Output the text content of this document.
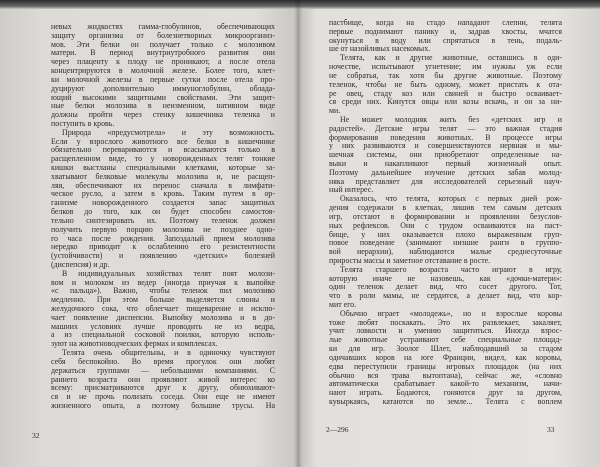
невых жидкостях гамма-глобулинов, обеспечивающих
защиту организма от болезнетворных микроорганиз-
мов. Эти белки он получает только с молозивом
матери. В период внутриутробного развития они
через плаценту к плоду не проникают, а после отела
концентрируются в молочной железе. Более того, клет-
ки молочной железы в первые сутки после отела про-
дуцируют дополнительно иммуноглобулин, облада-
ющий высокими защитными свойствами. Эти защит-
ные белки молозива в неизменном, нативном виде
должны пройти через стенку кишечника теленка и
поступить в кровь.
Природа «предусмотрела» и эту возможность.
Если у взрослого животного все белки в кишечнике
обязательно перевариваются и всасываются только в
расщепленном виде, то у новорожденных телят тонкие
кишки выстланы специальными клетками, которые за-
хватывают белковые молекулы молозива и, не расщеп-
ляя, обеспечивают их перенос сначала в лимфати-
ческое русло, а затем в кровь. Таким путем в ор-
ганизме новорожденного создается запас защитных
белков до того, как он будет способен самостоя-
тельно синтезировать их. Поэтому теленок должен
получить первую порцию молозива не позднее одно-
го часа после рождения. Запоздалый прием молозива
нередко приводит к ослаблению его резистентности
(устойчивости) и появлению «детских» болезней
(диспепсия) и др.
В индивидуальных хозяйствах телят поят молози-
вом и молоком из ведер (иногда приучая к выпойке
«с пальца»). Важно, чтобы теленок пил молозиво
медленно. При этом больше выделяется слюны и
желудочного сока, что облегчает пищеварение и исклю-
чает появление диспепсии. Выпойку молозива и в до-
машних условиях лучше проводить не из ведра,
а из специальной сосковой поилки, которую исполь-
зуют на животноводческих фермах и комплексах.
Телята очень общительны, и в одиночку чувствуют
себя беспокойно. Во время прогулок они любят
держаться группами — небольшими компаниями. С
раннего возраста они проявляют живой интерес ко
всему: присматриваются друг к другу, обнюхивают-
ся и не прочь полизать соседа. Они еще не имеют
жизненного опыта, а поэтому большие трусы. На
32
пастбище, когда на стадо нападают слепни, телята
первые поднимают панику и, задрав хвосты, мчатся
окунуться в воду или спрятаться в тень, подаль-
ше от назойливых насекомых.
Телята, как и другие животные, оставшись в оди-
ночестве, испытывают угнетение; им нужны уж если
не собратья, так хотя бы другие животные. Поэтому
теленок, чтобы не быть одному, может пристать к ота-
ре овец, стаду коз или свиней и быстро осваивает-
ся среди них. Кинутся овцы или козы вскачь, и он за ни-
ми.
Не может молодняк жить без «детских игр и
радостей». Детские игры телят — это важная стадия
формирования поведения животных. В процессе игры
у них развиваются и совершенствуются нервная и мы-
шечная системы, они приобретают определенные на-
выки и накапливают первый жизненный опыт.
Поэтому дальнейшее изучение детских забав молод-
няка представляет для исследователей серьезный науч-
ный интерес.
Оказалось, что телята, которых с первых дней рож-
дения содержали в клетках, лишив тем самым детских
игр, отстают в формировании и проявлении безуслов-
ных рефлексов. Они с трудом осваиваются на паст-
бище, у них оказывается плохо выраженным груп-
повое поведение (занимают низшие ранги в группо-
вой иерархии), наблюдаются малые среднесуточные
приросты массы и заметное отставание в росте.
Телята старшего возраста часто играют в игру,
которую иначе не назовешь, как «дочки-матери»:
один теленок делает вид, что сосет другого. Тот,
что в роли мамы, не сердится, а делает вид, что кор-
мит его.
Обычно играет «молодежь», но и взрослые коровы
тоже любят поскакать. Это их развлекает, закаляет,
учит ловкости и умению защититься. Иногда взрос-
лые животные устраивают себе специальные площад-
ки для игр. Зоолог Шлет, наблюдавший за стадом
одичавших коров на юге Франции, видел, как коровы,
едва переступили границы игровых площадок (на них
обычно вся трава вытоптана), сейчас же, «словно
автоматически срабатывает какой-то механизм, начи-
нают играть. Бодаются, гоняются друг за другом,
кувыркаясь, катаются по земле... Телята с воплем
2—296	33
